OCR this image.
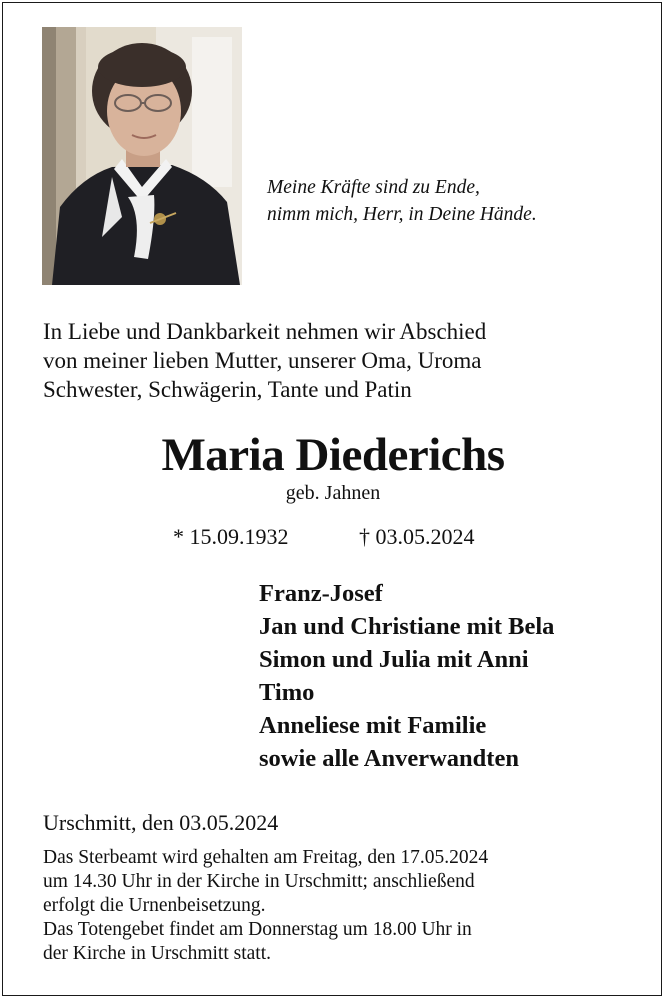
Meine Kräfte sind zu Ende,
nimm mich, Herr, in Deine Hände.
In Liebe und Dankbarkeit nehmen wir Abschied
von meiner lieben Mutter, unserer Oma, Uroma
Schwester, Schwägerin, Tante und Patin
Maria Diederichs
geb. Jahnen
* 15.09.1932	† 03.05.2024
Franz-Josef
Jan und Christiane mit Bela
Simon und Julia mit Anni
Timo
Anneliese mit Familie
sowie alle Anverwandten
Urschmitt, den 03.05.2024
Das Sterbeamt wird gehalten am Freitag, den 17.05.2024
um 14.30 Uhr in der Kirche in Urschmitt; anschließend
erfolgt die Urnenbeisetzung.
Das Totengebet findet am Donnerstag um 18.00 Uhr in
der Kirche in Urschmitt statt.
